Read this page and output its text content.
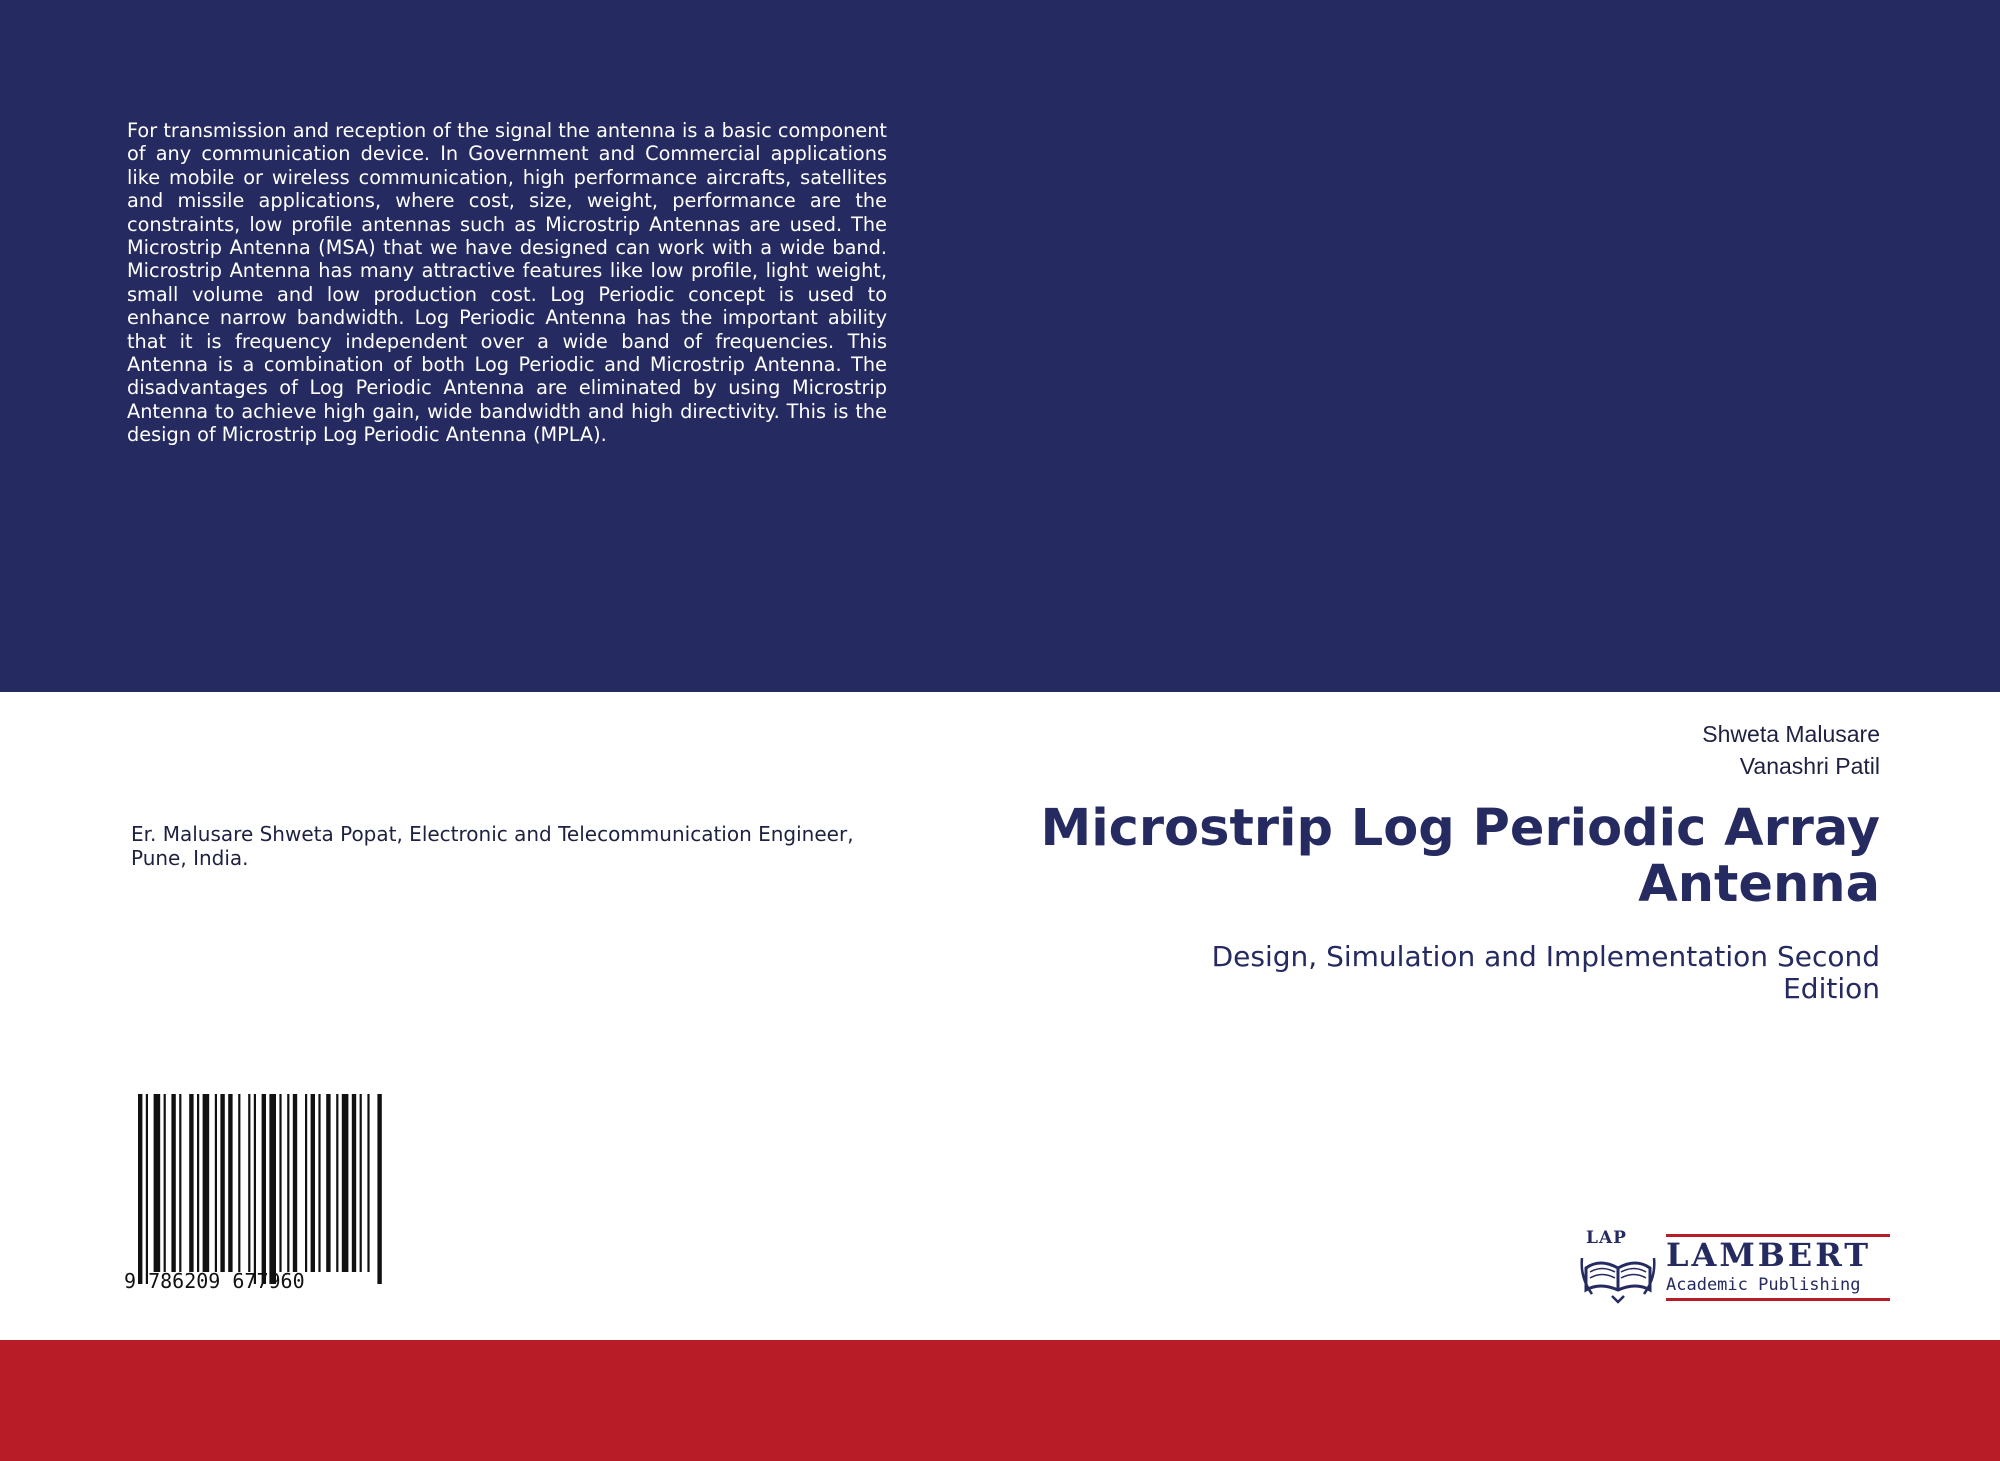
For transmission and reception of the signal the antenna is a basic component of any communication device. In Government and Commercial applications like mobile or wireless communication, high performance aircrafts, satellites and missile applications, where cost, size, weight, performance are the constraints, low profile antennas such as Microstrip Antennas are used. The Microstrip Antenna (MSA) that we have designed can work with a wide band. Microstrip Antenna has many attractive features like low profile, light weight, small volume and low production cost. Log Periodic concept is used to enhance narrow bandwidth. Log Periodic Antenna has the important ability that it is frequency independent over a wide band of frequencies. This Antenna is a combination of both Log Periodic and Microstrip Antenna. The disadvantages of Log Periodic Antenna are eliminated by using Microstrip Antenna to achieve high gain, wide bandwidth and high directivity. This is the design of Microstrip Log Periodic Antenna (MPLA).

Shweta Malusare
Vanashri Patil
Microstrip Log Periodic Array Antenna

Design, Simulation and Implementation Second Edition

Er. Malusare Shweta Popat, Electronic and Telecommunication Engineer, Pune, India.

9 786209 677960
LAP LAMBERT
Academic Publishing
